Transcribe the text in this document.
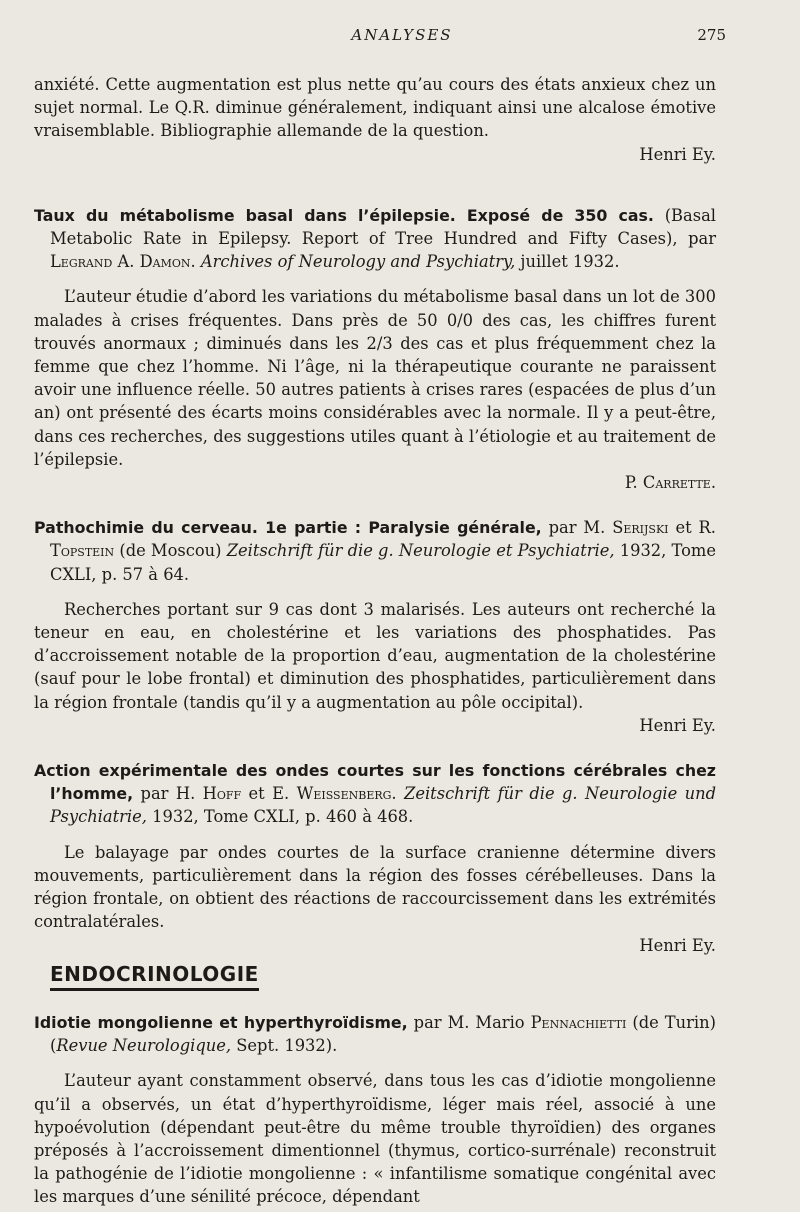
ANALYSES	275

anxiété. Cette augmentation est plus nette qu’au cours des états anxieux chez un sujet normal. Le Q.R. diminue généralement, indiquant ainsi une alcalose émotive vraisemblable. Bibliographie allemande de la question.

Henri Ey.

Taux du métabolisme basal dans l’épilepsie. Exposé de 350 cas. (Basal Metabolic Rate in Epilepsy. Report of Tree Hundred and Fifty Cases), par Legrand A. Damon. Archives of Neurology and Psychiatry, juillet 1932.

L’auteur étudie d’abord les variations du métabolisme basal dans un lot de 300 malades à crises fréquentes. Dans près de 50 0/0 des cas, les chiffres furent trouvés anormaux ; diminués dans les 2/3 des cas et plus fréquemment chez la femme que chez l’homme. Ni l’âge, ni la thérapeutique courante ne paraissent avoir une influence réelle. 50 autres patients à crises rares (espacées de plus d’un an) ont présenté des écarts moins considérables avec la normale. Il y a peut-être, dans ces recherches, des suggestions utiles quant à l’étiologie et au traitement de l’épilepsie.

P. Carrette.

Pathochimie du cerveau. 1e partie : Paralysie générale, par M. Serijski et R. Topstein (de Moscou) Zeitschrift für die g. Neurologie et Psychiatrie, 1932, Tome CXLI, p. 57 à 64.

Recherches portant sur 9 cas dont 3 malarisés. Les auteurs ont recherché la teneur en eau, en cholestérine et les variations des phosphatides. Pas d’accroissement notable de la proportion d’eau, augmentation de la cholestérine (sauf pour le lobe frontal) et diminution des phosphatides, particulièrement dans la région frontale (tandis qu’il y a augmentation au pôle occipital).

Henri Ey.

Action expérimentale des ondes courtes sur les fonctions cérébrales chez l’homme, par H. Hoff et E. Weissenberg. Zeitschrift für die g. Neurologie und Psychiatrie, 1932, Tome CXLI, p. 460 à 468.

Le balayage par ondes courtes de la surface cranienne détermine divers mouvements, particulièrement dans la région des fosses cérébelleuses. Dans la région frontale, on obtient des réactions de raccourcissement dans les extrémités contralatérales.

Henri Ey.

ENDOCRINOLOGIE

Idiotie mongolienne et hyperthyroïdisme, par M. Mario Pennachietti (de Turin) (Revue Neurologique, Sept. 1932).

L’auteur ayant constamment observé, dans tous les cas d’idiotie mongolienne qu’il a observés, un état d’hyperthyroïdisme, léger mais réel, associé à une hypoévolution (dépendant peut-être du même trouble thyroïdien) des organes préposés à l’accroissement dimentionnel (thymus, cortico-surrénale) reconstruit la pathogénie de l’idiotie mongolienne : « infantilisme somatique congénital avec les marques d’une sénilité précoce, dépendant
